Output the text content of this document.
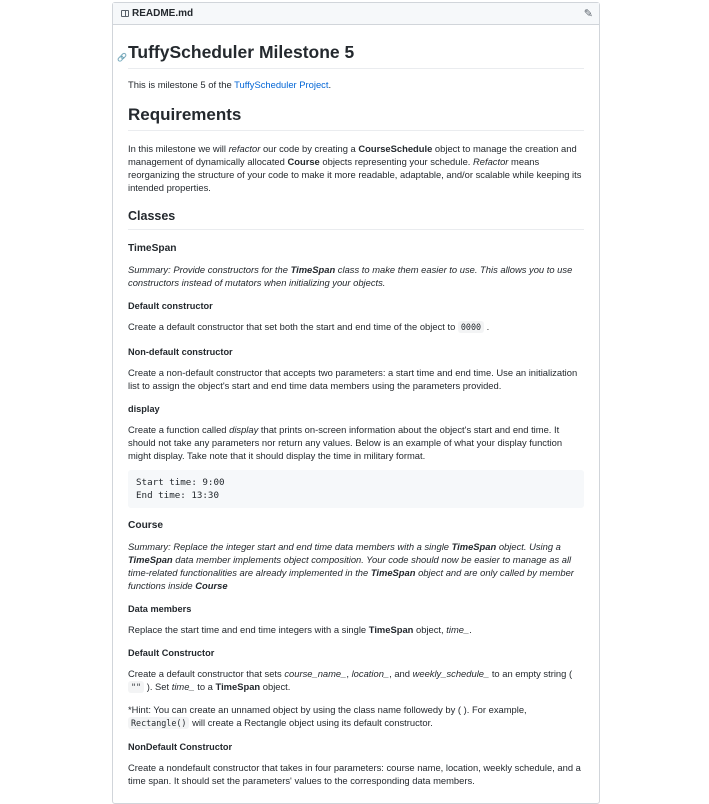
README.md	✎
🔗 TuffyScheduler Milestone 5

This is milestone 5 of the TuffyScheduler Project.

Requirements

In this milestone we will refactor our code by creating a CourseSchedule object to manage the creation and management of dynamically allocated Course objects representing your schedule. Refactor means reorganizing the structure of your code to make it more readable, adaptable, and/or scalable while keeping its intended properties.

Classes
TimeSpan

Summary: Provide constructors for the TimeSpan class to make them easier to use. This allows you to use constructors instead of mutators when initializing your objects.

Default constructor

Create a default constructor that set both the start and end time of the object to 0000 .

Non-default constructor

Create a non-default constructor that accepts two parameters: a start time and end time. Use an initialization list to assign the object's start and end time data members using the parameters provided.

display

Create a function called display that prints on-screen information about the object's start and end time. It should not take any parameters nor return any values. Below is an example of what your display function might display. Take note that it should display the time in military format.

Start time: 9:00
End time: 13:30
Course

Summary: Replace the integer start and end time data members with a single TimeSpan object. Using a TimeSpan data member implements object composition. Your code should now be easier to manage as all time-related functionalities are already implemented in the TimeSpan object and are only called by member functions inside Course

Data members

Replace the start time and end time integers with a single TimeSpan object, time_.

Default Constructor

Create a default constructor that sets course_name_, location_, and weekly_schedule_ to an empty string ( "" ). Set time_ to a TimeSpan object.

*Hint: You can create an unnamed object by using the class name followedy by ( ). For example, Rectangle() will create a Rectangle object using its default constructor.

NonDefault Constructor

Create a nondefault constructor that takes in four parameters: course name, location, weekly schedule, and a time span. It should set the parameters' values to the corresponding data members.
